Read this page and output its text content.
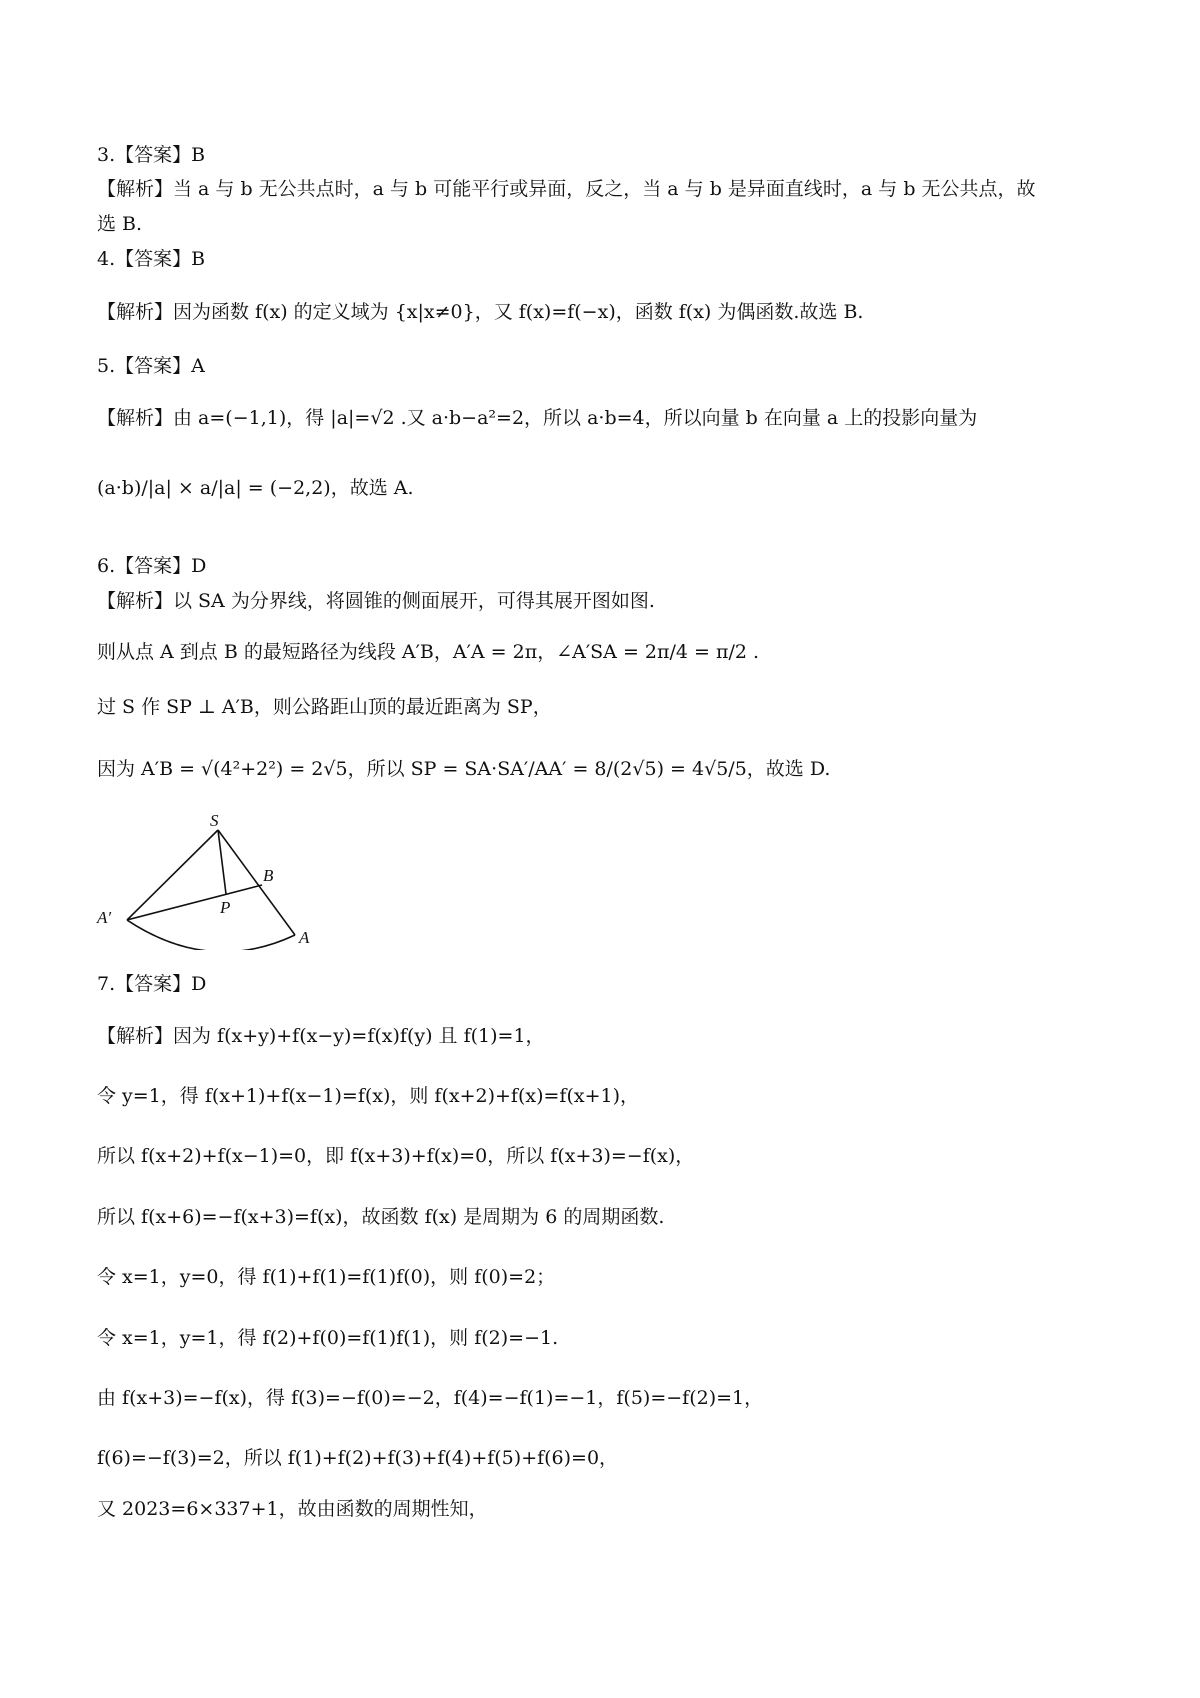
3.【答案】B
【解析】当 a 与 b 无公共点时，a 与 b 可能平行或异面，反之，当 a 与 b 是异面直线时，a 与 b 无公共点，故
选 B.
4.【答案】B
【解析】因为函数 f(x) 的定义域为 {x|x≠0}，又 f(x)=f(−x)，函数 f(x) 为偶函数.故选 B.
5.【答案】A
【解析】由 a=(−1,1)，得 |a|=√2 .又 a·b−a²=2，所以 a·b=4，所以向量 b 在向量 a 上的投影向量为
(a·b)/|a| × a/|a| = (−2,2)，故选 A.
6.【答案】D
【解析】以 SA 为分界线，将圆锥的侧面展开，可得其展开图如图.
则从点 A 到点 B 的最短路径为线段 A′B，A′A = 2π，∠A′SA = 2π/4 = π/2 .
过 S 作 SP ⊥ A′B，则公路距山顶的最近距离为 SP，
因为 A′B = √(4²+2²) = 2√5，所以 SP = SA·SA′/AA′ = 8/(2√5) = 4√5/5，故选 D.
S
B
P
A′
A
7.【答案】D
【解析】因为 f(x+y)+f(x−y)=f(x)f(y) 且 f(1)=1，
令 y=1，得 f(x+1)+f(x−1)=f(x)，则 f(x+2)+f(x)=f(x+1)，
所以 f(x+2)+f(x−1)=0，即 f(x+3)+f(x)=0，所以 f(x+3)=−f(x)，
所以 f(x+6)=−f(x+3)=f(x)，故函数 f(x) 是周期为 6 的周期函数.
令 x=1，y=0，得 f(1)+f(1)=f(1)f(0)，则 f(0)=2；
令 x=1，y=1，得 f(2)+f(0)=f(1)f(1)，则 f(2)=−1.
由 f(x+3)=−f(x)，得 f(3)=−f(0)=−2，f(4)=−f(1)=−1，f(5)=−f(2)=1，
f(6)=−f(3)=2，所以 f(1)+f(2)+f(3)+f(4)+f(5)+f(6)=0，
又 2023=6×337+1，故由函数的周期性知，
